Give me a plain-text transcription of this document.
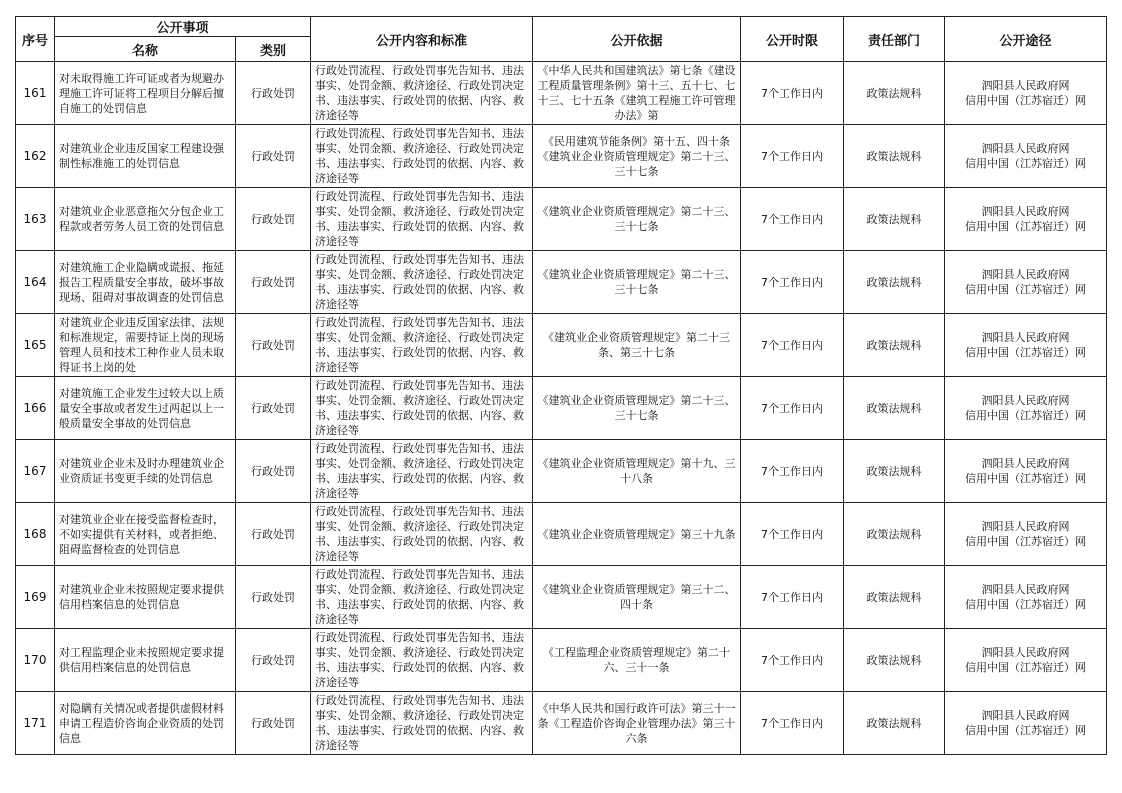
序号	公开事项		公开内容和标准	公开依据	公开时限	责任部门	公开途径
	名称	类别					

161	对未取得施工许可证或者为规避办理施工许可证将工程项目分解后擅自施工的处罚信息	行政处罚	行政处罚流程、行政处罚事先告知书、违法事实、处罚金额、救济途径、行政处罚决定书、违法事实、行政处罚的依据、内容、救济途径等	《中华人民共和国建筑法》第七条《建设工程质量管理条例》第十三、五十七、七十三、七十五条《建筑工程施工许可管理办法》第	7个工作日内	政策法规科	泗阳县人民政府网
信用中国（江苏宿迁）网

162	对建筑业企业违反国家工程建设强制性标准施工的处罚信息	行政处罚	行政处罚流程、行政处罚事先告知书、违法事实、处罚金额、救济途径、行政处罚决定书、违法事实、行政处罚的依据、内容、救济途径等	《民用建筑节能条例》第十五、四十条《建筑业企业资质管理规定》第二十三、三十七条	7个工作日内	政策法规科	泗阳县人民政府网
信用中国（江苏宿迁）网

163	对建筑业企业恶意拖欠分包企业工程款或者劳务人员工资的处罚信息	行政处罚	行政处罚流程、行政处罚事先告知书、违法事实、处罚金额、救济途径、行政处罚决定书、违法事实、行政处罚的依据、内容、救济途径等	《建筑业企业资质管理规定》第二十三、三十七条	7个工作日内	政策法规科	泗阳县人民政府网
信用中国（江苏宿迁）网

164	对建筑施工企业隐瞒或谎报、拖延报告工程质量安全事故，破坏事故现场、阻碍对事故调查的处罚信息	行政处罚	行政处罚流程、行政处罚事先告知书、违法事实、处罚金额、救济途径、行政处罚决定书、违法事实、行政处罚的依据、内容、救济途径等	《建筑业企业资质管理规定》第二十三、三十七条	7个工作日内	政策法规科	泗阳县人民政府网
信用中国（江苏宿迁）网

165	对建筑业企业违反国家法律、法规和标准规定，需要持证上岗的现场管理人员和技术工种作业人员未取得证书上岗的处	行政处罚	行政处罚流程、行政处罚事先告知书、违法事实、处罚金额、救济途径、行政处罚决定书、违法事实、行政处罚的依据、内容、救济途径等	《建筑业企业资质管理规定》第二十三条、第三十七条	7个工作日内	政策法规科	泗阳县人民政府网
信用中国（江苏宿迁）网

166	对建筑施工企业发生过较大以上质量安全事故或者发生过两起以上一般质量安全事故的处罚信息	行政处罚	行政处罚流程、行政处罚事先告知书、违法事实、处罚金额、救济途径、行政处罚决定书、违法事实、行政处罚的依据、内容、救济途径等	《建筑业企业资质管理规定》第二十三、三十七条	7个工作日内	政策法规科	泗阳县人民政府网
信用中国（江苏宿迁）网

167	对建筑业企业未及时办理建筑业企业资质证书变更手续的处罚信息	行政处罚	行政处罚流程、行政处罚事先告知书、违法事实、处罚金额、救济途径、行政处罚决定书、违法事实、行政处罚的依据、内容、救济途径等	《建筑业企业资质管理规定》第十九、三十八条	7个工作日内	政策法规科	泗阳县人民政府网
信用中国（江苏宿迁）网

168	对建筑业企业在接受监督检查时，不如实提供有关材料，或者拒绝、阻碍监督检查的处罚信息	行政处罚	行政处罚流程、行政处罚事先告知书、违法事实、处罚金额、救济途径、行政处罚决定书、违法事实、行政处罚的依据、内容、救济途径等	《建筑业企业资质管理规定》第三十九条	7个工作日内	政策法规科	泗阳县人民政府网
信用中国（江苏宿迁）网

169	对建筑业企业未按照规定要求提供信用档案信息的处罚信息	行政处罚	行政处罚流程、行政处罚事先告知书、违法事实、处罚金额、救济途径、行政处罚决定书、违法事实、行政处罚的依据、内容、救济途径等	《建筑业企业资质管理规定》第三十二、四十条	7个工作日内	政策法规科	泗阳县人民政府网
信用中国（江苏宿迁）网

170	对工程监理企业未按照规定要求提供信用档案信息的处罚信息	行政处罚	行政处罚流程、行政处罚事先告知书、违法事实、处罚金额、救济途径、行政处罚决定书、违法事实、行政处罚的依据、内容、救济途径等	《工程监理企业资质管理规定》第二十六、三十一条	7个工作日内	政策法规科	泗阳县人民政府网
信用中国（江苏宿迁）网

171	对隐瞒有关情况或者提供虚假材料申请工程造价咨询企业资质的处罚信息	行政处罚	行政处罚流程、行政处罚事先告知书、违法事实、处罚金额、救济途径、行政处罚决定书、违法事实、行政处罚的依据、内容、救济途径等	《中华人民共和国行政许可法》第三十一条《工程造价咨询企业管理办法》第三十六条	7个工作日内	政策法规科	泗阳县人民政府网
信用中国（江苏宿迁）网
